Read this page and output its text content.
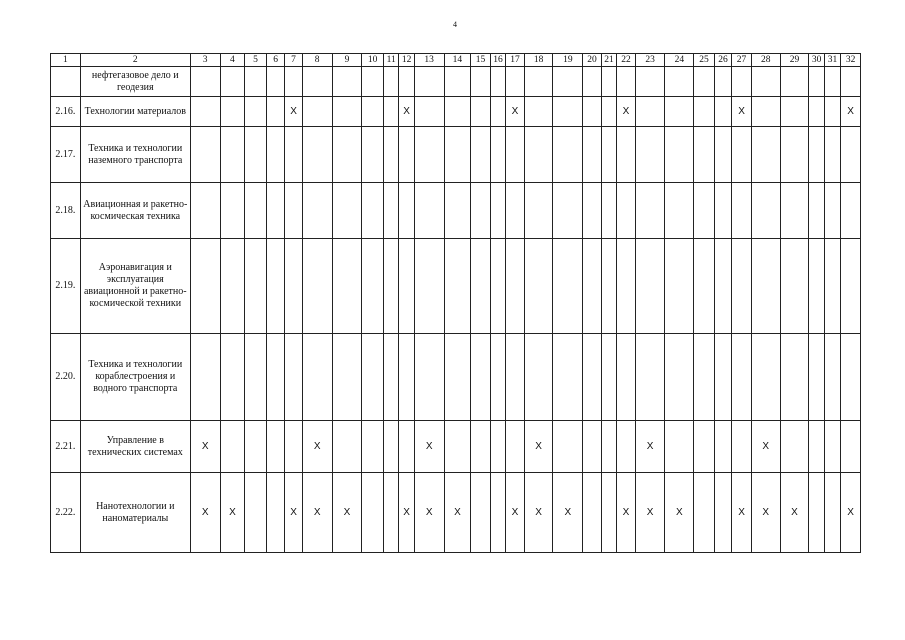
4
1	2	3	4	5	6	7	8	9	10	11	12	13	14	15	16	17	18	19	20	21	22	23	24	25	26	27	28	29	30	31	32
	нефтегазовое дело и геодезия																														
2.16.	Технологии материалов					X					X					X					X					X					X
2.17.	Техника и технологии наземного транспорта																														
2.18.	Авиационная и ракетно-космическая техника																														
2.19.	Аэронавигация и эксплуатация авиационной и ракетно-космической техники																														
2.20.	Техника и технологии кораблестроения и водного транспорта																														
2.21.	Управление в технических системах	X					X					X					X					X					X				
2.22.	Нанотехнологии и наноматериалы	X	X			X	X	X			X	X	X			X	X	X			X	X	X			X	X	X			X
